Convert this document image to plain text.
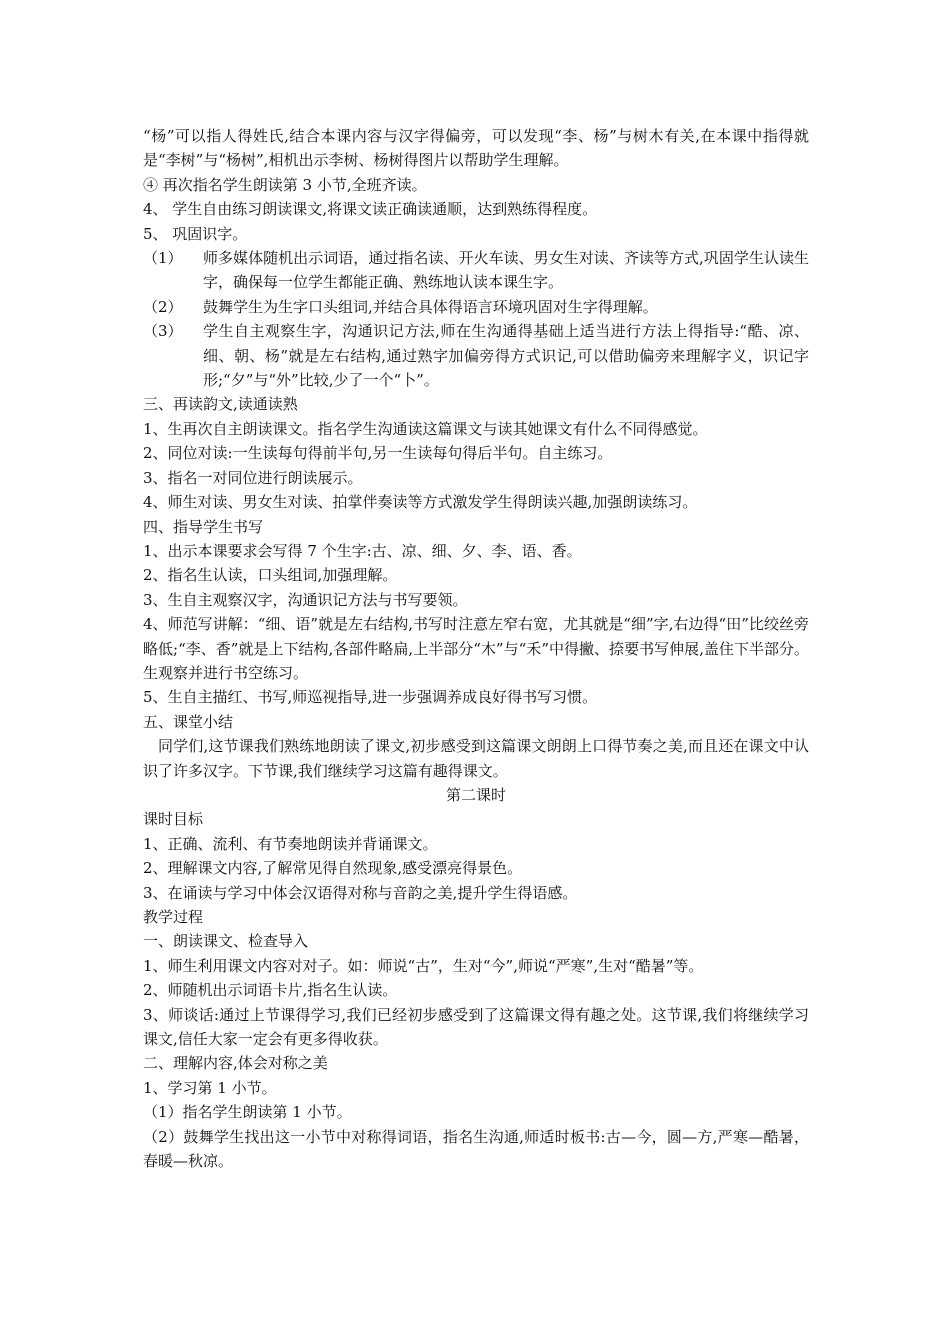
“杨”可以指人得姓氏,结合本课内容与汉字得偏旁，可以发现“李、杨”与树木有关,在本课中指得就是“李树”与“杨树”,相机出示李树、杨树得图片以帮助学生理解。
④ 再次指名学生朗读第 3 小节,全班齐读。
4、 学生自由练习朗读课文,将课文读正确读通顺，达到熟练得程度。
5、 巩固识字。
（1）	师多媒体随机出示词语，通过指名读、开火车读、男女生对读、齐读等方式,巩固学生认读生字，确保每一位学生都能正确、熟练地认读本课生字。
（2）	鼓舞学生为生字口头组词,并结合具体得语言环境巩固对生字得理解。
（3）	学生自主观察生字，沟通识记方法,师在生沟通得基础上适当进行方法上得指导:“酷、凉、细、朝、杨”就是左右结构,通过熟字加偏旁得方式识记,可以借助偏旁来理解字义，识记字形;“夕”与“外”比较,少了一个“卜”。
三、再读韵文,读通读熟
1、生再次自主朗读课文。指名学生沟通读这篇课文与读其她课文有什么不同得感觉。
2、同位对读:一生读每句得前半句,另一生读每句得后半句。自主练习。
3、指名一对同位进行朗读展示。
4、师生对读、男女生对读、拍掌伴奏读等方式激发学生得朗读兴趣,加强朗读练习。
四、指导学生书写
1、出示本课要求会写得 7 个生字:古、凉、细、夕、李、语、香。
2、指名生认读，口头组词,加强理解。
3、生自主观察汉字，沟通识记方法与书写要领。
4、师范写讲解：“细、语”就是左右结构,书写时注意左窄右宽，尤其就是“细”字,右边得“田”比绞丝旁略低;“李、香”就是上下结构,各部件略扁,上半部分“木”与“禾”中得撇、捺要书写伸展,盖住下半部分。生观察并进行书空练习。
5、生自主描红、书写,师巡视指导,进一步强调养成良好得书写习惯。
五、课堂小结
同学们,这节课我们熟练地朗读了课文,初步感受到这篇课文朗朗上口得节奏之美,而且还在课文中认识了许多汉字。下节课,我们继续学习这篇有趣得课文。
第二课时
课时目标
1、正确、流利、有节奏地朗读并背诵课文。
2、理解课文内容,了解常见得自然现象,感受漂亮得景色。
3、在诵读与学习中体会汉语得对称与音韵之美,提升学生得语感。
教学过程
一、朗读课文、检查导入
1、师生利用课文内容对对子。如：师说“古”，生对“今”,师说“严寒”,生对“酷暑”等。
2、师随机出示词语卡片,指名生认读。
3、师谈话:通过上节课得学习,我们已经初步感受到了这篇课文得有趣之处。这节课,我们将继续学习课文,信任大家一定会有更多得收获。
二、理解内容,体会对称之美
1、学习第 1 小节。
（1）指名学生朗读第 1 小节。
（2）鼓舞学生找出这一小节中对称得词语，指名生沟通,师适时板书:古—今，圆—方,严寒—酷暑，春暖—秋凉。
